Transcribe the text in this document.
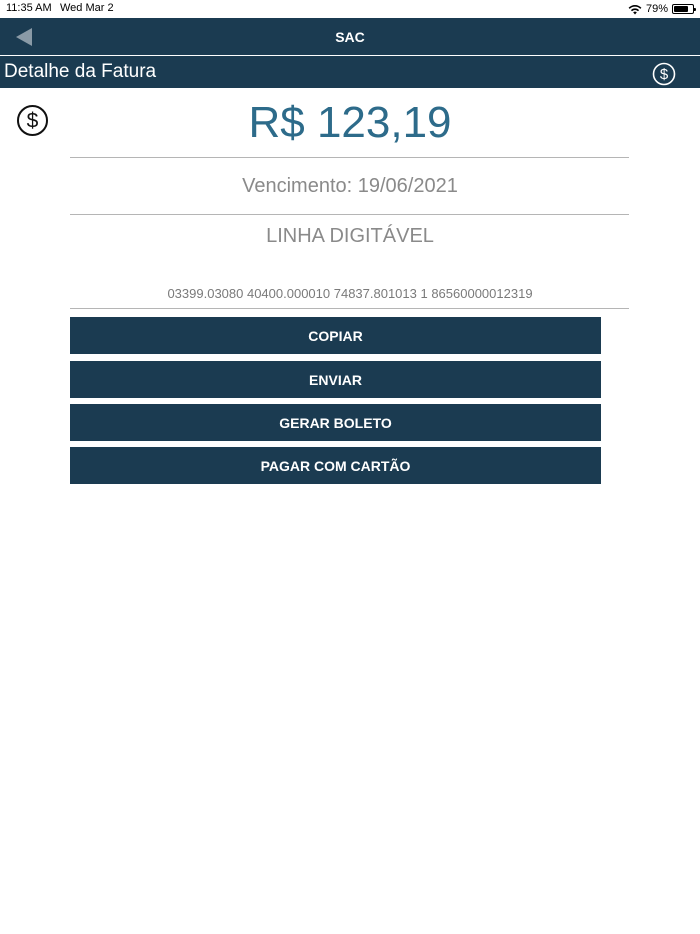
11:35 AM Wed Mar 2	79%
SAC
Detalhe da Fatura	$
$	R$ 123,19
Vencimento: 19/06/2021
LINHA DIGITÁVEL
03399.03080 40400.000010 74837.801013 1 86560000012319
COPIAR
ENVIAR
GERAR BOLETO
PAGAR COM CARTÃO
